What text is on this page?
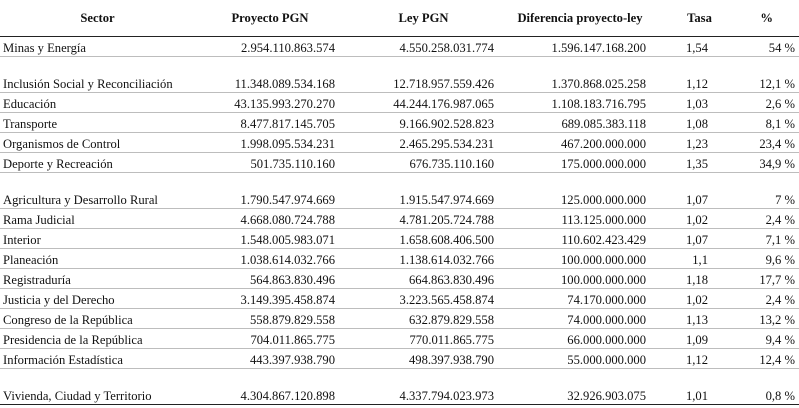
Sector	Proyecto PGN	Ley PGN	Diferencia proyecto-ley	Tasa	%
Minas y Energía	2.954.110.863.574	4.550.258.031.774	1.596.147.168.200	1,54	54 %
Inclusión Social y Reconciliación	11.348.089.534.168	12.718.957.559.426	1.370.868.025.258	1,12	12,1 %
Educación	43.135.993.270.270	44.244.176.987.065	1.108.183.716.795	1,03	2,6 %
Transporte	8.477.817.145.705	9.166.902.528.823	689.085.383.118	1,08	8,1 %
Organismos de Control	1.998.095.534.231	2.465.295.534.231	467.200.000.000	1,23	23,4 %
Deporte y Recreación	501.735.110.160	676.735.110.160	175.000.000.000	1,35	34,9 %
Agricultura y Desarrollo Rural	1.790.547.974.669	1.915.547.974.669	125.000.000.000	1,07	7 %
Rama Judicial	4.668.080.724.788	4.781.205.724.788	113.125.000.000	1,02	2,4 %
Interior	1.548.005.983.071	1.658.608.406.500	110.602.423.429	1,07	7,1 %
Planeación	1.038.614.032.766	1.138.614.032.766	100.000.000.000	1,1	9,6 %
Registraduría	564.863.830.496	664.863.830.496	100.000.000.000	1,18	17,7 %
Justicia y del Derecho	3.149.395.458.874	3.223.565.458.874	74.170.000.000	1,02	2,4 %
Congreso de la República	558.879.829.558	632.879.829.558	74.000.000.000	1,13	13,2 %
Presidencia de la República	704.011.865.775	770.011.865.775	66.000.000.000	1,09	9,4 %
Información Estadística	443.397.938.790	498.397.938.790	55.000.000.000	1,12	12,4 %
Vivienda, Ciudad y Territorio	4.304.867.120.898	4.337.794.023.973	32.926.903.075	1,01	0,8 %
